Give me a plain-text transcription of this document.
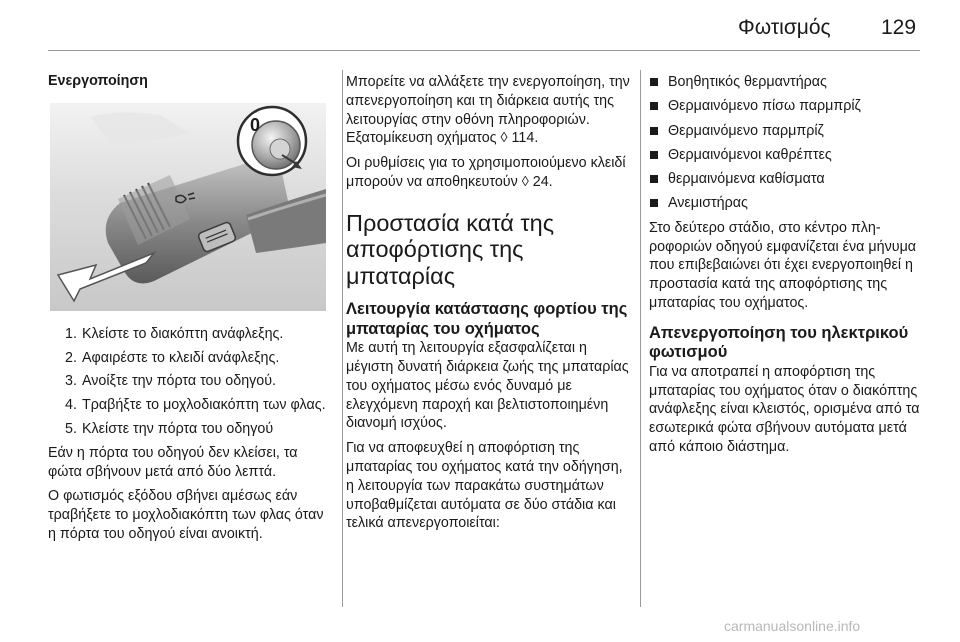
Φωτισμός 129

Ενεργοποίηση

0
1. Κλείστε το διακόπτη ανάφλεξης.
2. Αφαιρέστε το κλειδί ανάφλεξης.
3. Ανοίξτε την πόρτα του οδηγού.
4. Τραβήξτε το μοχλοδιακόπτη των φλας.
5. Κλείστε την πόρτα του οδηγού

Εάν η πόρτα του οδηγού δεν κλείσει, τα φώτα σβήνουν μετά από δύο λεπτά.

Ο φωτισμός εξόδου σβήνει αμέσως εάν τραβήξετε το μοχλοδιακόπτη των φλας όταν η πόρτα του οδηγού είναι ανοικτή.

Μπορείτε να αλλάξετε την ενεργοποίηση, την απενεργοποίηση και τη διάρκεια αυτής της λειτουργίας στην οθόνη πληροφοριών. Εξατομίκευση οχήματος ◊ 114.

Οι ρυθμίσεις για το χρησιμοποιούμενο κλειδί μπορούν να αποθηκευτούν ◊ 24.

Προστασία κατά της αποφόρτισης της μπαταρίας

Λειτουργία κατάστασης φορτίου της μπαταρίας του οχήματος

Με αυτή τη λειτουργία εξασφαλίζεται η μέγιστη δυνατή διάρκεια ζωής της μπαταρίας του οχήματος μέσω ενός δυναμό με ελεγχόμενη παροχή και βελτιστοποιημένη διανομή ισχύος.

Για να αποφευχθεί η αποφόρτιση της μπαταρίας του οχήματος κατά την οδήγηση, η λειτουργία των παρακάτω συστημάτων υποβαθμίζεται αυτόματα σε δύο στάδια και τελικά απενεργοποιείται:

Βοηθητικός θερμαντήρας
Θερμαινόμενο πίσω παρμπρίζ
Θερμαινόμενο παρμπρίζ
Θερμαινόμενοι καθρέπτες
θερμαινόμενα καθίσματα
Ανεμιστήρας

Στο δεύτερο στάδιο, στο κέντρο πληροφοριών οδηγού εμφανίζεται ένα μήνυμα που επιβεβαιώνει ότι έχει ενεργοποιηθεί η προστασία κατά της αποφόρτισης της μπαταρίας του οχήματος.

Απενεργοποίηση του ηλεκτρικού φωτισμού

Για να αποτραπεί η αποφόρτιση της μπαταρίας του οχήματος όταν ο διακόπτης ανάφλεξης είναι κλειστός, ορισμένα από τα εσωτερικά φώτα σβήνουν αυτόματα μετά από κάποιο διάστημα.

carmanualsonline.info
